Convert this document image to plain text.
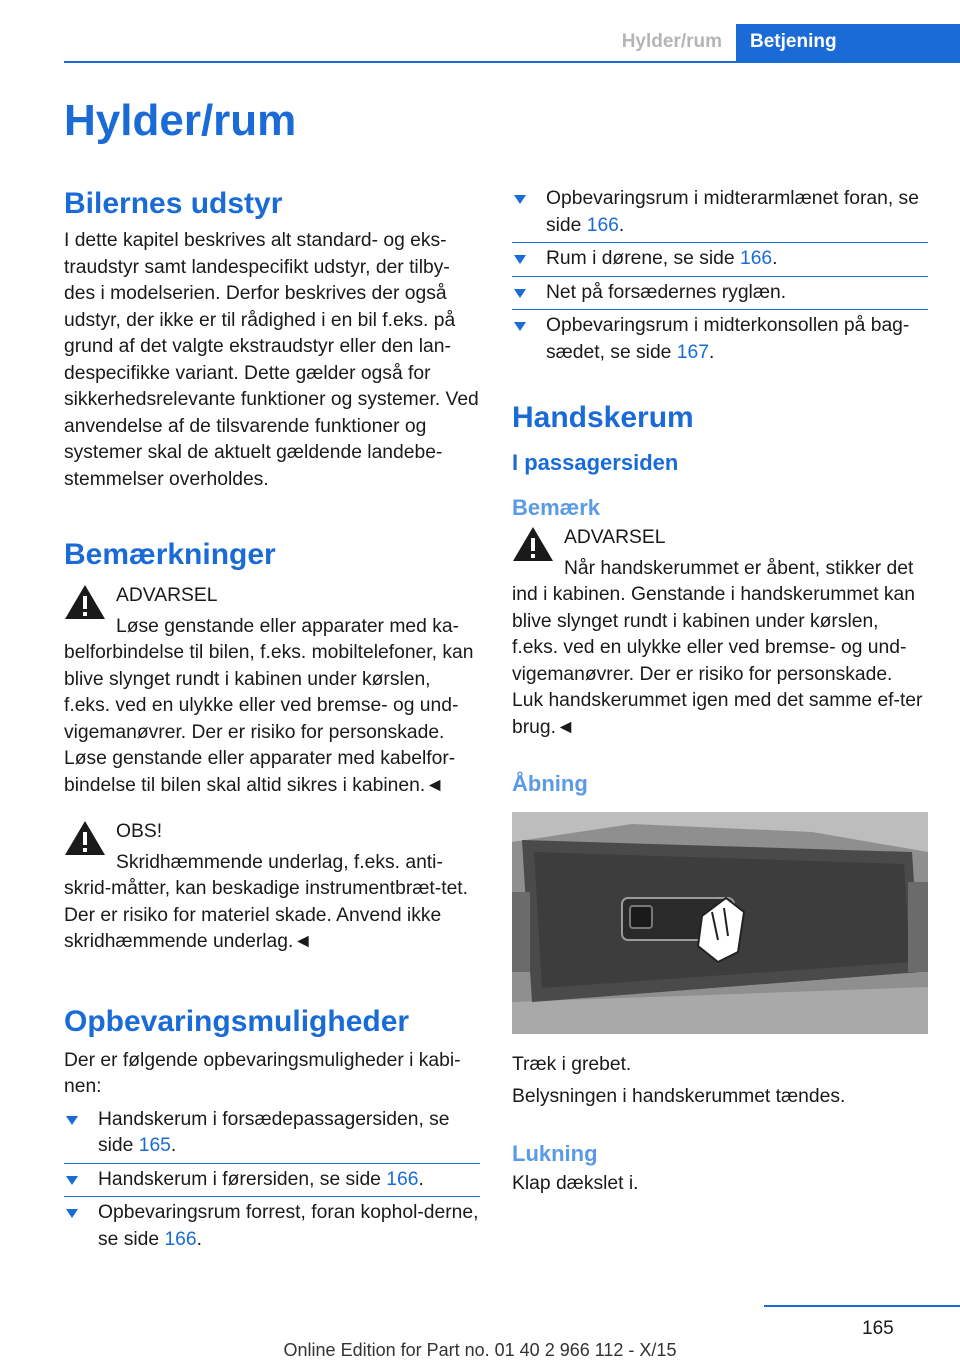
Hylder/rum	Betjening
Hylder/rum
Bilernes udstyr

I dette kapitel beskrives alt standard- og eks-traudstyr samt landespecifikt udstyr, der tilby-des i modelserien. Derfor beskrives der også udstyr, der ikke er til rådighed i en bil f.eks. på grund af det valgte ekstraudstyr eller den lan-despecifikke variant. Dette gælder også for sikkerhedsrelevante funktioner og systemer. Ved anvendelse af de tilsvarende funktioner og systemer skal de aktuelt gældende landebe-stemmelser overholdes.

Bemærkninger

ADVARSEL

Løse genstande eller apparater med ka-belforbindelse til bilen, f.eks. mobiltelefoner, kan blive slynget rundt i kabinen under kørslen, f.eks. ved en ulykke eller ved bremse- og und-vigemanøvrer. Der er risiko for personskade. Løse genstande eller apparater med kabelfor-bindelse til bilen skal altid sikres i kabinen.◄

OBS!

Skridhæmmende underlag, f.eks. anti-skrid-måtter, kan beskadige instrumentbræt-tet. Der er risiko for materiel skade. Anvend ikke skridhæmmende underlag.◄

Opbevaringsmuligheder

Der er følgende opbevaringsmuligheder i kabi-nen:

Handskerum i forsædepassagersiden, se side 165.
Handskerum i førersiden, se side 166.
Opbevaringsrum forrest, foran kophol-derne, se side 166.
Opbevaringsrum i midterarmlænet foran, se side 166.
Rum i dørene, se side 166.
Net på forsædernes ryglæn.
Opbevaringsrum i midterkonsollen på bag-sædet, se side 167.
Handskerum
I passagersiden
Bemærk

ADVARSEL

Når handskerummet er åbent, stikker det ind i kabinen. Genstande i handskerummet kan blive slynget rundt i kabinen under kørslen, f.eks. ved en ulykke eller ved bremse- og und-vigemanøvrer. Der er risiko for personskade. Luk handskerummet igen med det samme ef-ter brug.◄

Åbning

Træk i grebet.

Belysningen i handskerummet tændes.

Lukning

Klap dækslet i.

165
Online Edition for Part no. 01 40 2 966 112 - X/15
